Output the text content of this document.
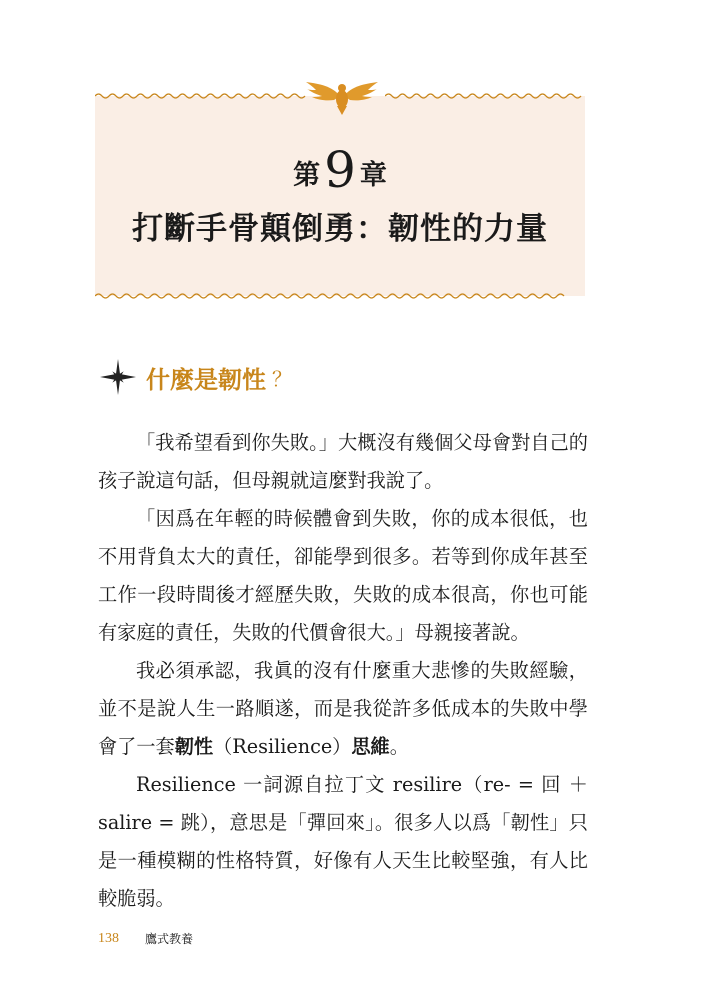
第9 章
打斷手骨顛倒勇：韌性的力量
什麼是韌性 ？

「我希望看到你失敗。」大概沒有幾個父母會對自己的孩子說這句話，但母親就這麼對我說了。

「因爲在年輕的時候體會到失敗，你的成本很低，也不用背負太大的責任，卻能學到很多。若等到你成年甚至工作一段時間後才經歷失敗，失敗的成本很高，你也可能有家庭的責任，失敗的代價會很大。」母親接著說。

我必須承認，我眞的沒有什麼重大悲慘的失敗經驗，並不是說人生一路順遂，而是我從許多低成本的失敗中學會了一套韌性（Resilience）思維。

Resilience 一詞源自拉丁文 resilire（re- = 回 ＋ salire = 跳），意思是「彈回來」。很多人以爲「韌性」只是一種模糊的性格特質，好像有人天生比較堅強，有人比較脆弱。

138 鷹式教養
